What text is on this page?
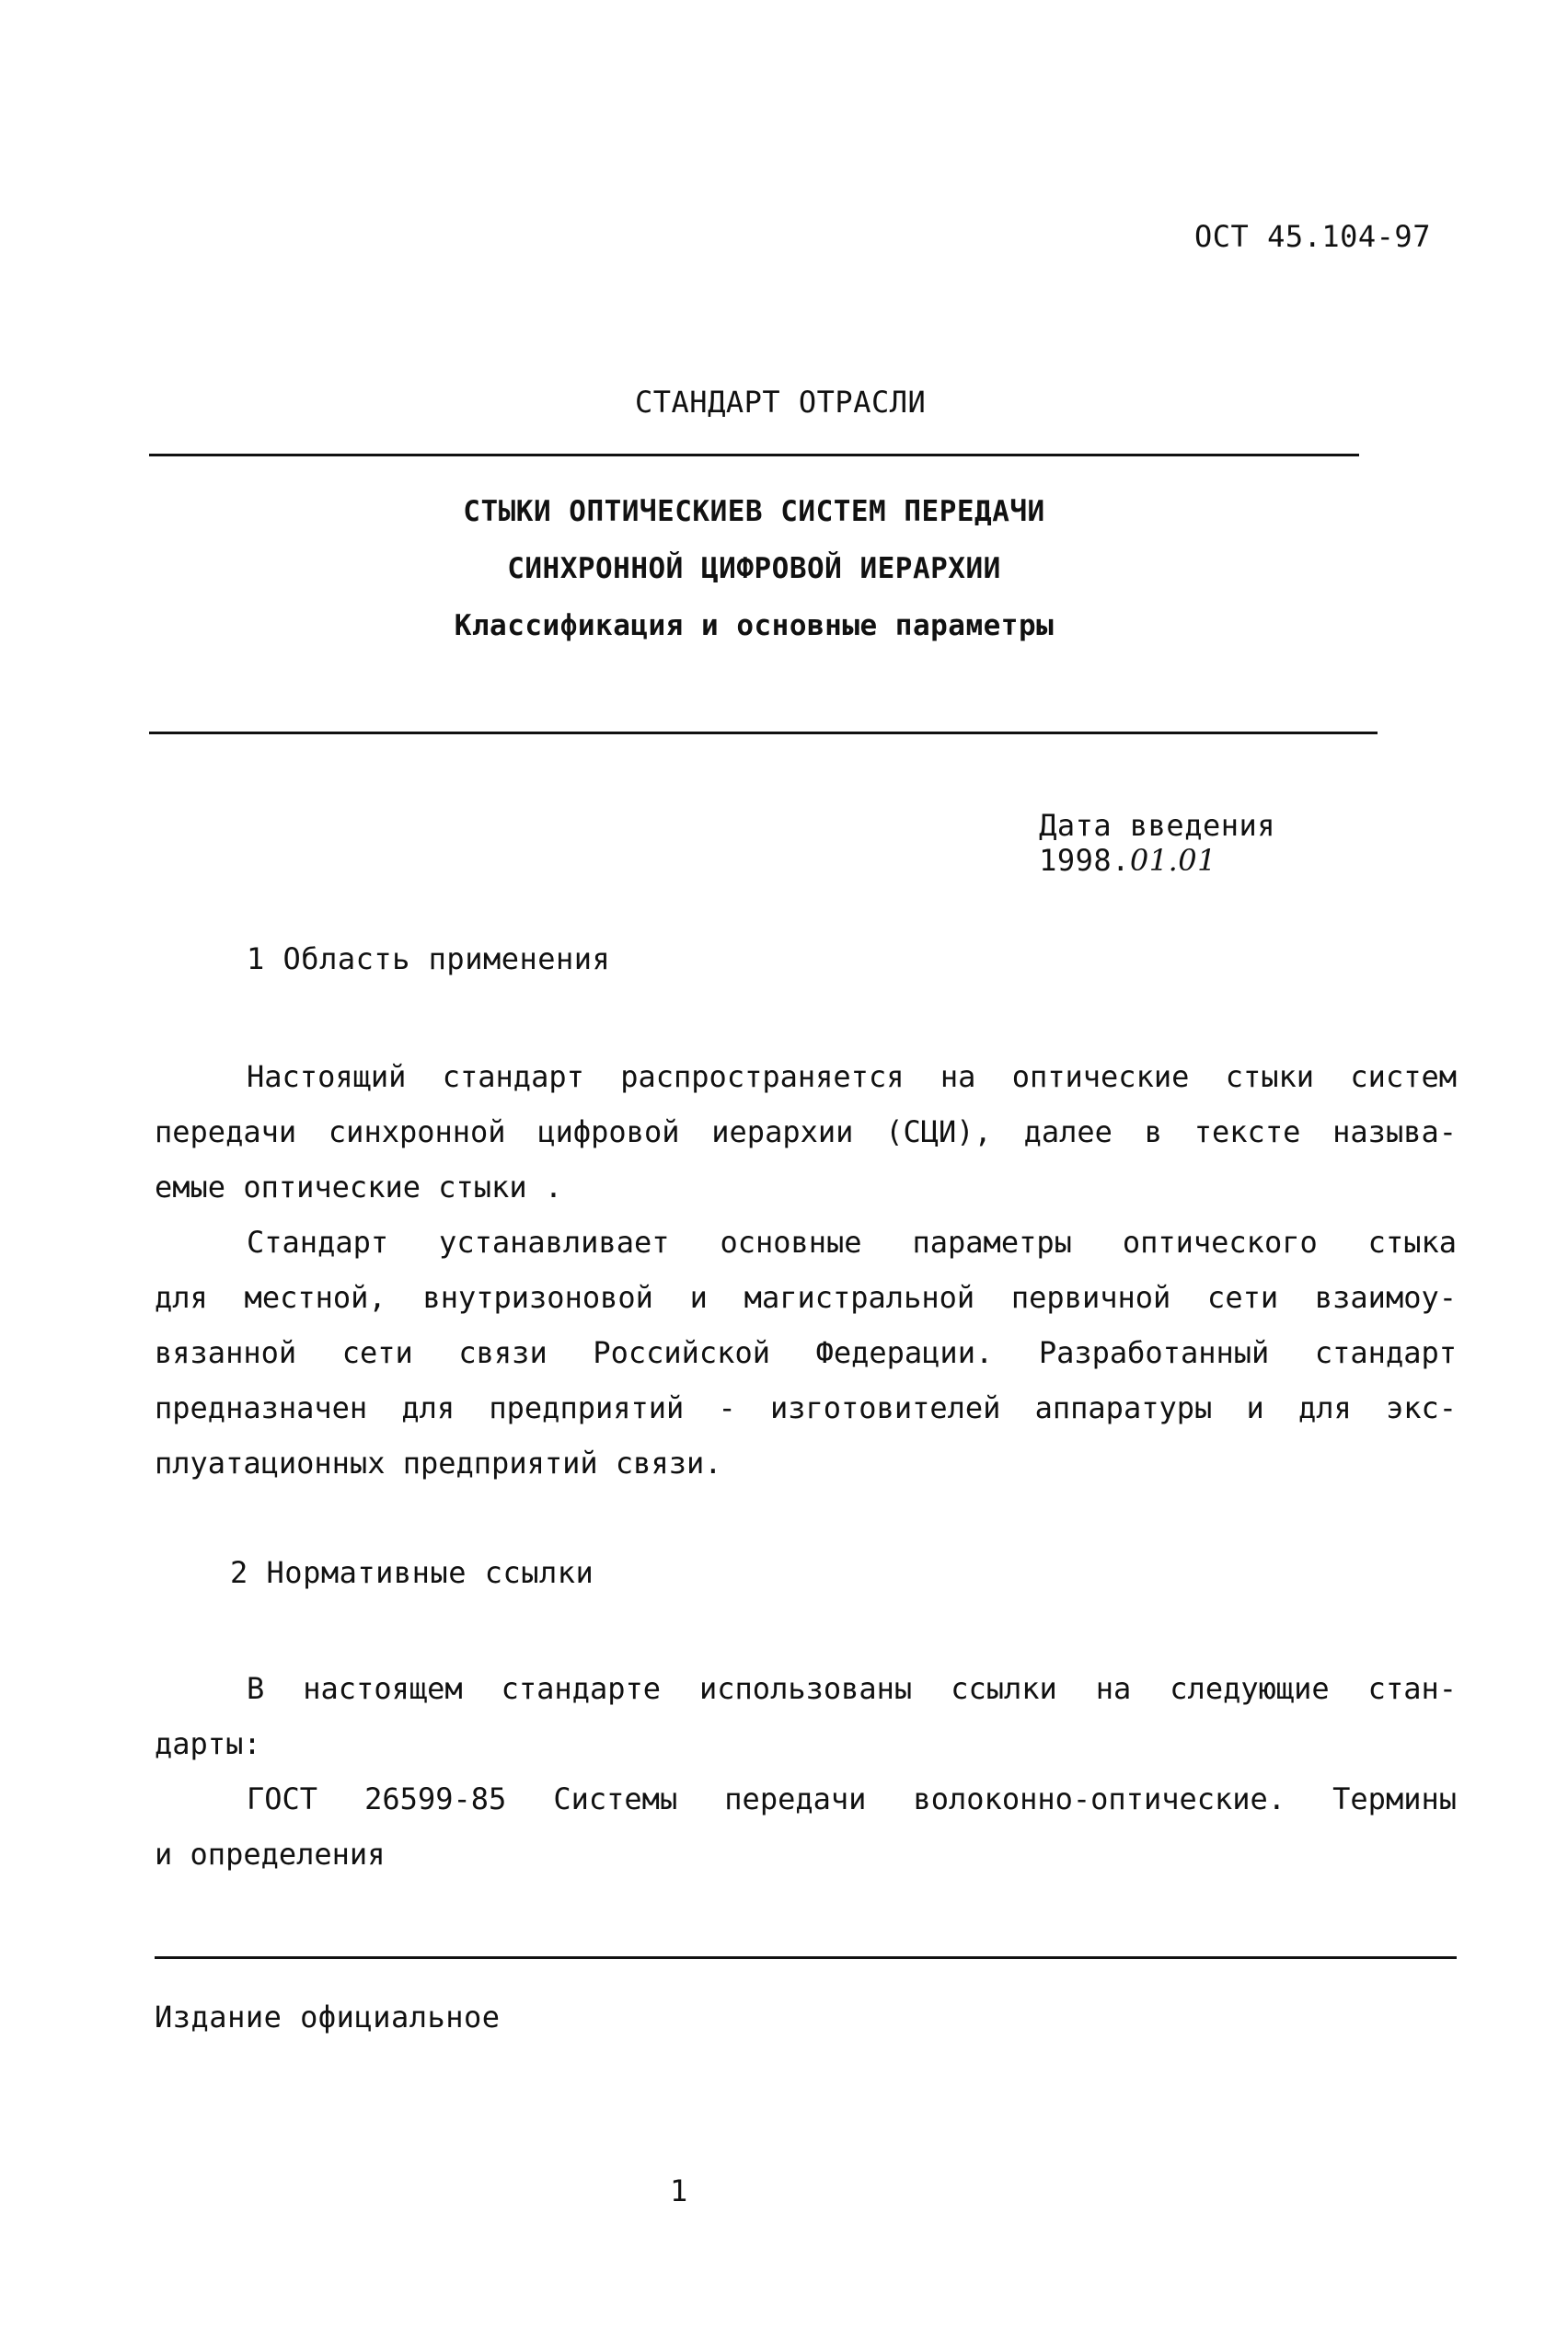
ОСТ 45.104-97
СТАНДАРТ ОТРАСЛИ
СТЫКИ ОПТИЧЕСКИЕВ СИСТЕМ ПЕРЕДАЧИ
СИНХРОННОЙ ЦИФРОВОЙ ИЕРАРХИИ
Классификация и основные параметры

Дата введения
1998.01.01

1 Область применения
Настоящий стандарт распространяется на оптические стыки систем
передачи синхронной цифровой иерархии (СЦИ), далее в тексте называ-
емые оптические стыки .
Стандарт устанавливает основные параметры оптического стыка
для местной, внутризоновой и магистральной первичной сети взаимоу-
вязанной сети связи Российской Федерации. Разработанный стандарт
предназначен для предприятий - изготовителей аппаратуры и для экс-
плуатационных предприятий связи.
2 Нормативные ссылки
В настоящем стандарте использованы ссылки на следующие стан-
дарты:
ГОСТ 26599-85 Системы передачи волоконно-оптические. Термины
и определения
Издание официальное
1
